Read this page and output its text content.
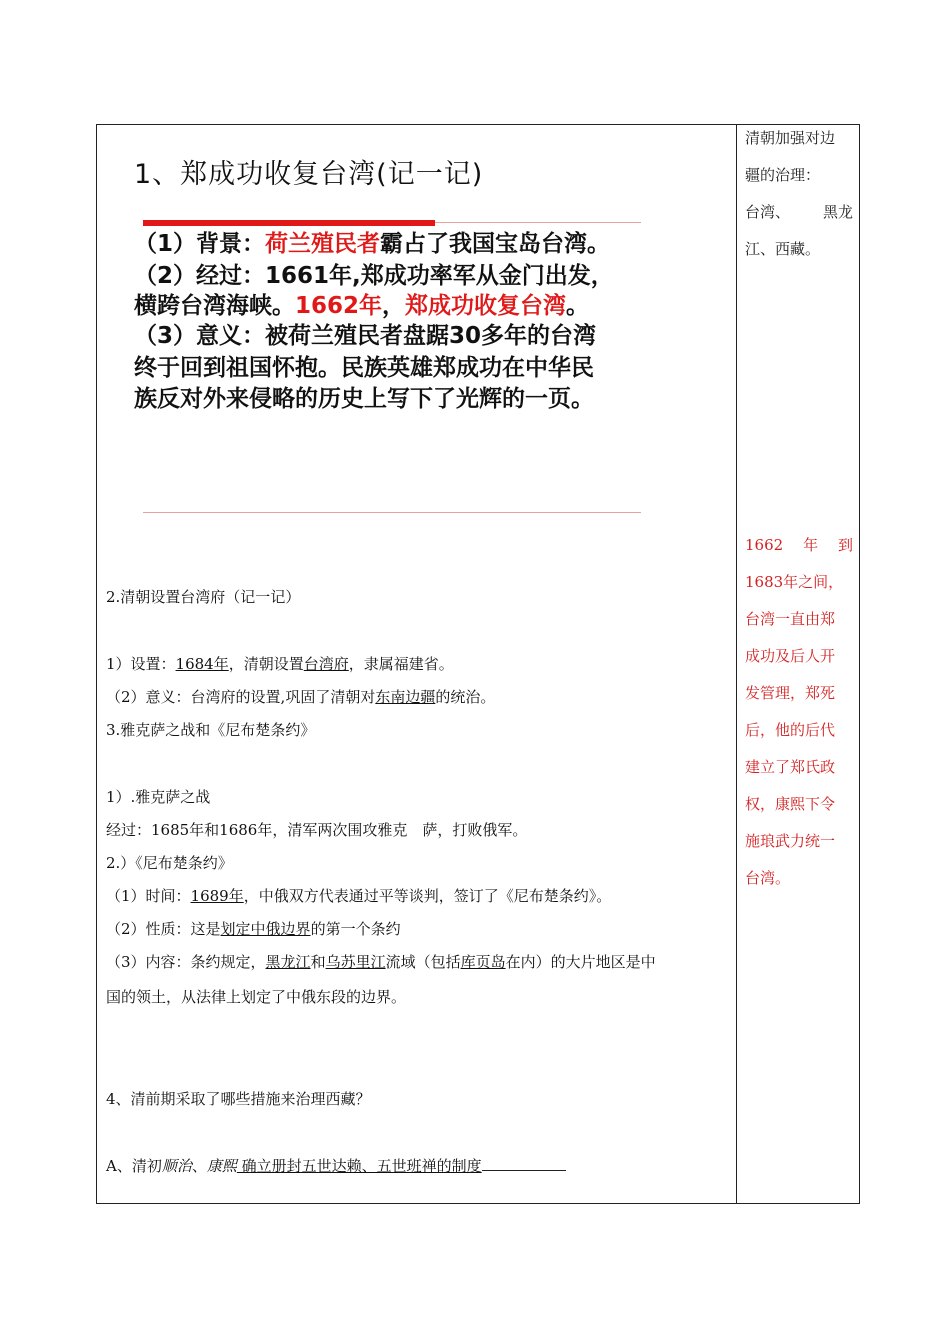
1、郑成功收复台湾(记一记)
（1）背景：荷兰殖民者霸占了我国宝岛台湾。
（2）经过：1661年,郑成功率军从金门出发，
横跨台湾海峡。1662年，郑成功收复台湾。
（3）意义：被荷兰殖民者盘踞30多年的台湾
终于回到祖国怀抱。民族英雄郑成功在中华民
族反对外来侵略的历史上写下了光辉的一页。
2.清朝设置台湾府（记一记）
1）设置：1684年，清朝设置台湾府，隶属福建省。
（2）意义：台湾府的设置,巩固了清朝对东南边疆的统治。
3.雅克萨之战和《尼布楚条约》
1）.雅克萨之战
经过：1685年和1686年，清军两次围攻雅克　萨，打败俄军。
2.）《尼布楚条约》
（1）时间：1689年，中俄双方代表通过平等谈判，签订了《尼布楚条约》。
（2）性质：这是划定中俄边界的第一个条约
（3）内容：条约规定，黑龙江和乌苏里江流域（包括库页岛在内）的大片地区是中
国的领土，从法律上划定了中俄东段的边界。
4、清前期采取了哪些措施来治理西藏？
A、清初顺治、康熙 确立册封五世达赖、五世班禅的制度
清朝加强对边
疆的治理：
台湾、 黑龙
江、西藏。
1662 年 到
1683年之间，
台湾一直由郑
成功及后人开
发管理，郑死
后，他的后代
建立了郑氏政
权，康熙下令
施琅武力统一
台湾。
